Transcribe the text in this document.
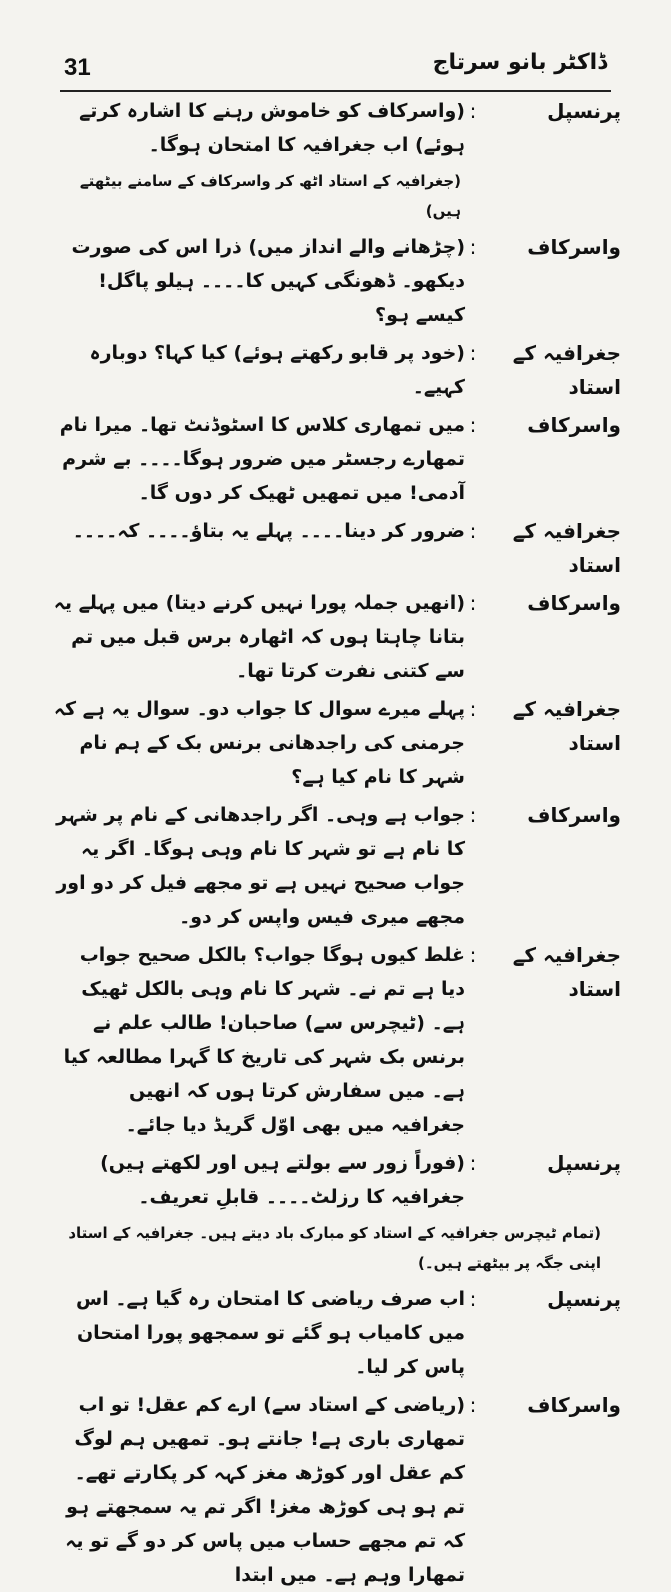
31	ڈاکٹر بانو سرتاج
پرنسپل
:
(واسرکاف کو خاموش رہنے کا اشارہ کرتے ہوئے) اب جغرافیہ کا امتحان ہوگا۔
(جغرافیہ کے استاد اٹھ کر واسرکاف کے سامنے بیٹھتے ہیں)
واسرکاف
:
(چڑھانے والے انداز میں) ذرا اس کی صورت دیکھو۔ ڈھونگی کہیں کا۔۔۔۔ ہیلو پاگل! کیسے ہو؟
جغرافیہ کے استاد
:
(خود پر قابو رکھتے ہوئے) کیا کہا؟ دوبارہ کہیے۔
واسرکاف
:
میں تمھاری کلاس کا اسٹوڈنٹ تھا۔ میرا نام تمھارے رجسٹر میں ضرور ہوگا۔۔۔۔ بے شرم آدمی! میں تمھیں ٹھیک کر دوں گا۔
جغرافیہ کے استاد
:
ضرور کر دینا۔۔۔۔ پہلے یہ بتاؤ۔۔۔۔ کہ۔۔۔۔
واسرکاف
:
(انھیں جملہ پورا نہیں کرنے دیتا) میں پہلے یہ بتانا چاہتا ہوں کہ اٹھارہ برس قبل میں تم سے کتنی نفرت کرتا تھا۔
جغرافیہ کے استاد
:
پہلے میرے سوال کا جواب دو۔ سوال یہ ہے کہ جرمنی کی راجدھانی برنس بک کے ہم نام شہر کا نام کیا ہے؟
واسرکاف
:
جواب ہے وہی۔ اگر راجدھانی کے نام پر شہر کا نام ہے تو شہر کا نام وہی ہوگا۔ اگر یہ جواب صحیح نہیں ہے تو مجھے فیل کر دو اور مجھے میری فیس واپس کر دو۔
جغرافیہ کے استاد
:
غلط کیوں ہوگا جواب؟ بالکل صحیح جواب دیا ہے تم نے۔ شہر کا نام وہی بالکل ٹھیک ہے۔ (ٹیچرس سے) صاحبان! طالب علم نے برنس بک شہر کی تاریخ کا گہرا مطالعہ کیا ہے۔ میں سفارش کرتا ہوں کہ انھیں جغرافیہ میں بھی اوّل گریڈ دیا جائے۔
پرنسپل
:
(فوراً زور سے بولتے ہیں اور لکھتے ہیں) جغرافیہ کا رزلٹ۔۔۔۔ قابلِ تعریف۔
(تمام ٹیچرس جغرافیہ کے استاد کو مبارک باد دیتے ہیں۔ جغرافیہ کے استاد اپنی جگہ پر بیٹھتے ہیں۔)
پرنسپل
:
اب صرف ریاضی کا امتحان رہ گیا ہے۔ اس میں کامیاب ہو گئے تو سمجھو پورا امتحان پاس کر لیا۔
واسرکاف
:
(ریاضی کے استاد سے) ارے کم عقل! تو اب تمھاری باری ہے! جانتے ہو۔ تمھیں ہم لوگ کم عقل اور کوڑھ مغز کہہ کر پکارتے تھے۔ تم ہو ہی کوڑھ مغز! اگر تم یہ سمجھتے ہو کہ تم مجھے حساب میں پاس کر دو گے تو یہ تمھارا وہم ہے۔ میں ابتدا
